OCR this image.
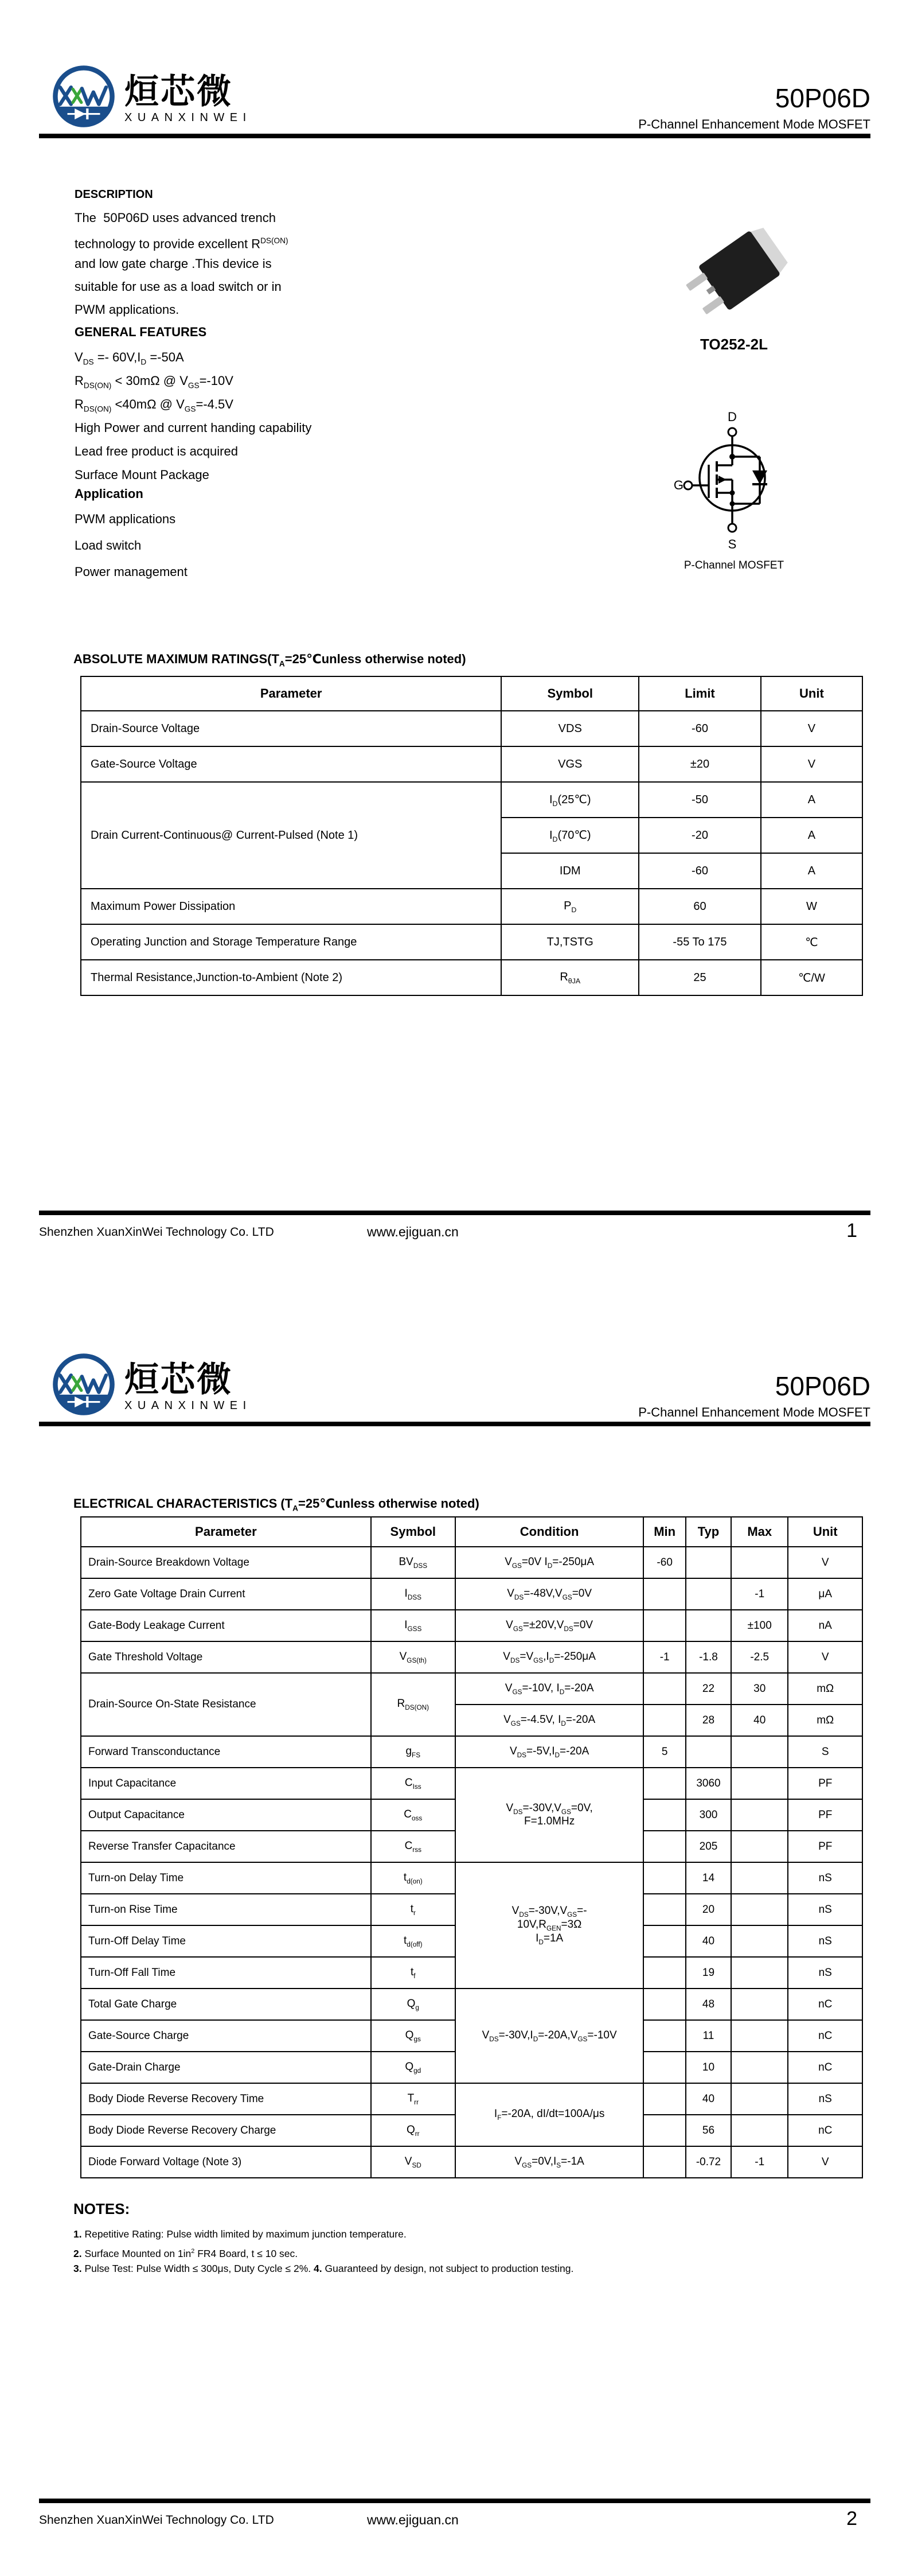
烜芯微
XUANXINWEI
50P06D
P-Channel Enhancement Mode MOSFET
DESCRIPTION
The  50P06D uses advanced trench
technology to provide excellent $R^{DS(ON)}$
and low gate charge .This device is
suitable for use as a load switch or in
PWM applications.
GENERAL FEATURES
$V_{DS} =- 60V,I_D =-50A$
$R_{DS(ON)} < 30m\Omega$ @ $V_{GS}=-10V$
$R_{DS(ON)} <40m\Omega$ @ $V_{GS}=-4.5V$
High Power and current handing capability
Lead free product is acquired
Surface Mount Package
Application
PWM applications
Load switch
Power management
TO252-2L
D
G
S
P-Channel MOSFET
ABSOLUTE MAXIMUM $RATINGS(T_A=25℃unless$ otherwise noted)
Parameter	Symbol	Limit	Unit
Drain-Source Voltage	VDS	-60	V
Gate-Source Voltage	VGS	±20	V
Drain Current-Continuous@ Current-Pulsed (Note 1)	$I_D(25℃)$	-50	A
	$I_D(70℃)$	-20	A
	IDM	-60	A
Maximum Power Dissipation	$P_D$	60	W
Operating Junction and Storage Temperature Range	TJ,TSTG	-55 To 175	℃
Thermal Resistance,Junction-to-Ambient (Note 2)	$R_{\theta JA}$	25	℃/W
Shenzhen XuanXinWei Technology Co. LTD	www.ejiguan.cn	1
烜芯微
XUANXINWEI
50P06D
P-Channel Enhancement Mode MOSFET
ELECTRICAL CHARACTERISTICS ($T_A=25℃unless$ otherwise noted)
Parameter	Symbol	Condition	Min	Typ	Max	Unit
Drain-Source Breakdown Voltage	$BV_{DSS}$	$V_{GS}=0V$ $I_D=-250\mu A$	-60			V
Zero Gate Voltage Drain Current	$I_{DSS}$	$V_{DS}=-48V,V_{GS}=0V$			-1	μA
Gate-Body Leakage Current	$I_{GSS}$	$V_{GS}=\pm 20V,V_{DS}=0V$			±100	nA
Gate Threshold Voltage	$V_{GS(th)}$	$V_{DS}=V_{GS},I_D=-250\mu A$	-1	-1.8	-2.5	V
Drain-Source On-State Resistance	$R_{DS(ON)}$	$V_{GS}=-10V$, $I_D=-20A$		22	30	mΩ
		$V_{GS}=-4.5V$, $I_D=-20A$		28	40	mΩ
Forward Transconductance	$g_{FS}$	$V_{DS}=-5V,I_D=-20A$	5			S
Input Capacitance	$C_{Iss}$	$V_{DS}=-30V,V_{GS}=0V$,
F=1.0MHz		3060		PF
Output Capacitance	$C_{oss}$			300		PF
Reverse Transfer Capacitance	$C_{rss}$			205		PF
Turn-on Delay Time	$t_{d(on)}$	$V_{DS}=-30V,V_{GS}=-$
$10V,R_{GEN}=3\Omega$
$I_D=1A$		14		nS
Turn-on Rise Time	$t_r$			20		nS
Turn-Off Delay Time	$t_{d(off)}$			40		nS
Turn-Off Fall Time	$t_f$			19		nS
Total Gate Charge	$Q_g$	$V_{DS}=-30V,I_D=-20A,V_{GS}=-10V$		48		nC
Gate-Source Charge	$Q_{gs}$			11		nC
Gate-Drain Charge	$Q_{gd}$			10		nC
Body Diode Reverse Recovery Time	$T_{rr}$	$I_F=-20A$, dI/dt=100A/μs		40		nS
Body Diode Reverse Recovery Charge	$Q_{rr}$			56		nC
Diode Forward Voltage (Note 3)	$V_{SD}$	$V_{GS}=0V,I_S=-1A$		-0.72	-1	V
NOTES:
1. Repetitive Rating: Pulse width limited by maximum junction temperature.
2. Surface Mounted on $1in^2$ FR4 Board, t ≤ 10 sec.
3. Pulse Test: Pulse Width ≤ 300μs, Duty Cycle ≤ 2%. 4. Guaranteed by design, not subject to production testing.
Shenzhen XuanXinWei Technology Co. LTD	www.ejiguan.cn	2
